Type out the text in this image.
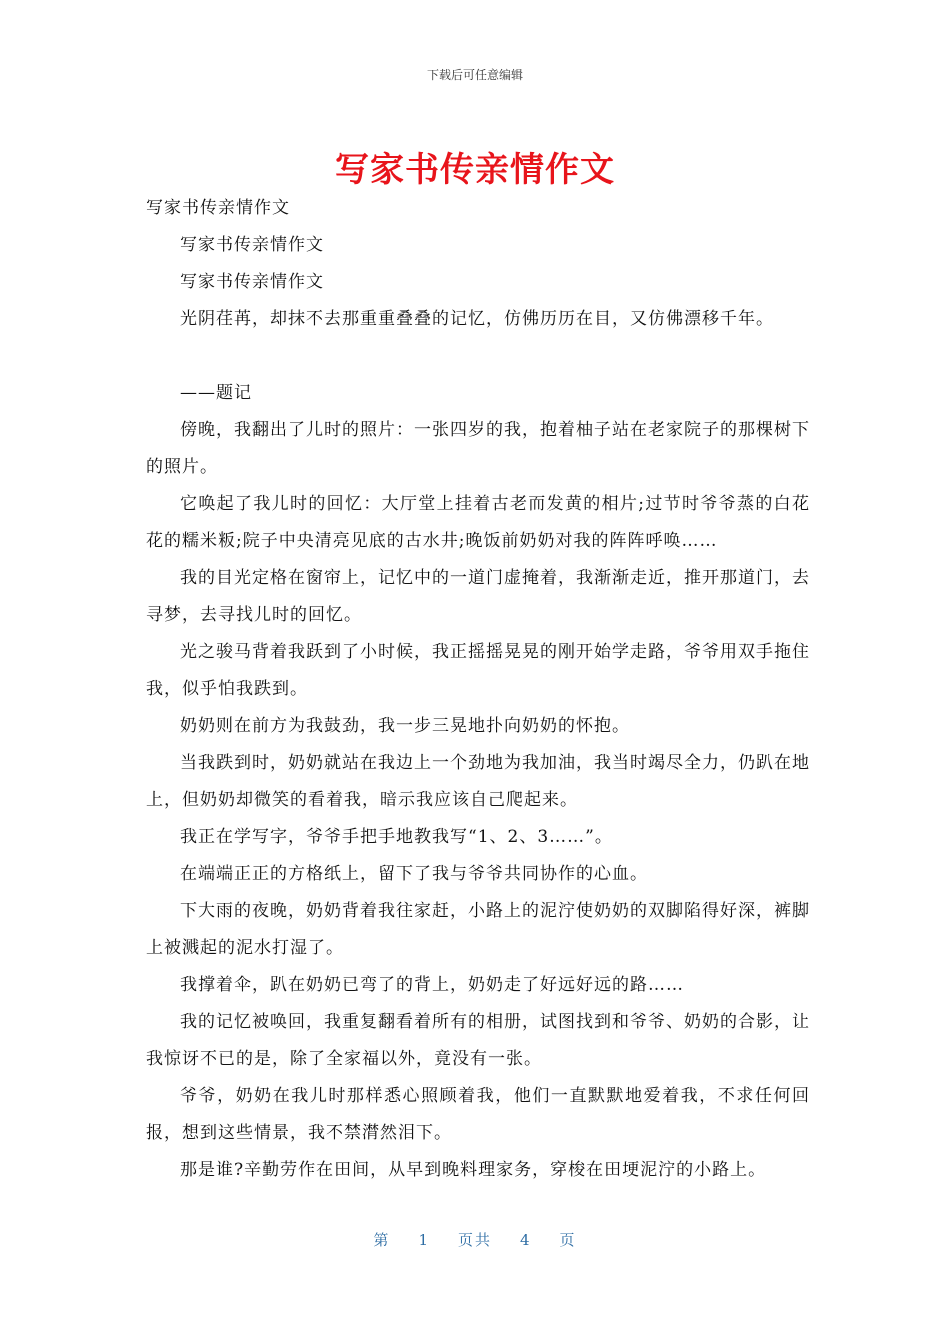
下载后可任意编辑
写家书传亲情作文

写家书传亲情作文

写家书传亲情作文

写家书传亲情作文

光阴荏苒，却抹不去那重重叠叠的记忆，仿佛历历在目，又仿佛漂移千年。

——题记

傍晚，我翻出了儿时的照片：一张四岁的我，抱着柚子站在老家院子的那棵树下的照片。

它唤起了我儿时的回忆：大厅堂上挂着古老而发黄的相片;过节时爷爷蒸的白花花的糯米粄;院子中央清亮见底的古水井;晚饭前奶奶对我的阵阵呼唤……

我的目光定格在窗帘上，记忆中的一道门虚掩着，我渐渐走近，推开那道门，去寻梦，去寻找儿时的回忆。

光之骏马背着我跃到了小时候，我正摇摇晃晃的刚开始学走路，爷爷用双手拖住我，似乎怕我跌到。

奶奶则在前方为我鼓劲，我一步三晃地扑向奶奶的怀抱。

当我跌到时，奶奶就站在我边上一个劲地为我加油，我当时竭尽全力，仍趴在地上，但奶奶却微笑的看着我，暗示我应该自己爬起来。

我正在学写字，爷爷手把手地教我写“1、2、3……”。

在端端正正的方格纸上，留下了我与爷爷共同协作的心血。

下大雨的夜晚，奶奶背着我往家赶，小路上的泥泞使奶奶的双脚陷得好深，裤脚上被溅起的泥水打湿了。

我撑着伞，趴在奶奶已弯了的背上，奶奶走了好远好远的路……

我的记忆被唤回，我重复翻看着所有的相册，试图找到和爷爷、奶奶的合影，让我惊讶不已的是，除了全家福以外，竟没有一张。

爷爷，奶奶在我儿时那样悉心照顾着我，他们一直默默地爱着我，不求任何回报，想到这些情景，我不禁潸然泪下。

那是谁?辛勤劳作在田间，从早到晚料理家务，穿梭在田埂泥泞的小路上。

第 1 页共 4 页
